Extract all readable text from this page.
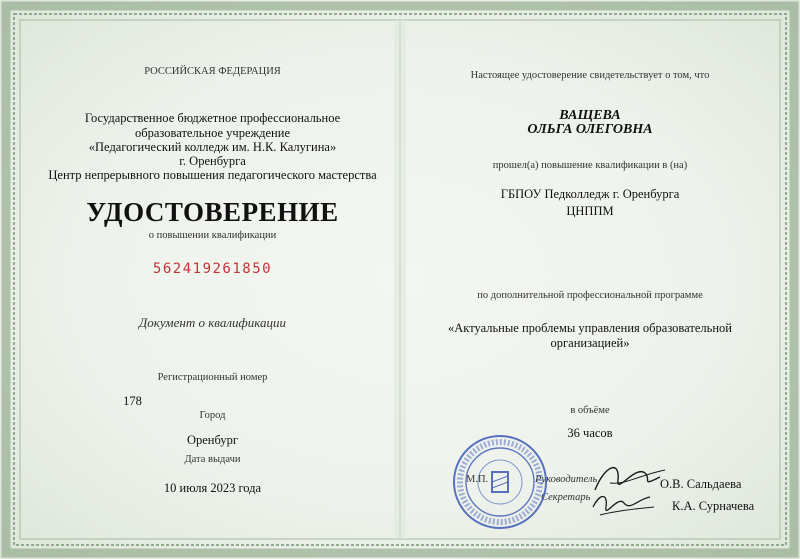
РОССИЙСКАЯ ФЕДЕРАЦИЯ
Государственное бюджетное профессиональное
образовательное учреждение
«Педагогический колледж им. Н.К. Калугина»
г. Оренбурга
Центр непрерывного повышения педагогического мастерства
УДОСТОВЕРЕНИЕ
о повышении квалификации
562419261850
Документ о квалификации
Регистрационный номер
178
Город
Оренбург
Дата выдачи
10 июля 2023 года
Настоящее удостоверение свидетельствует о том, что
ВАЩЕВА
ОЛЬГА ОЛЕГОВНА
прошел(а) повышение квалификации в (на)
ГБПОУ Педколледж г. Оренбурга
ЦНППМ
по дополнительной профессиональной программе
«Актуальные проблемы управления образовательной
организацией»
в объёме
36 часов
М.П.	Руководитель	О.В. Сальдаева
Секретарь
К.А. Сурначева
